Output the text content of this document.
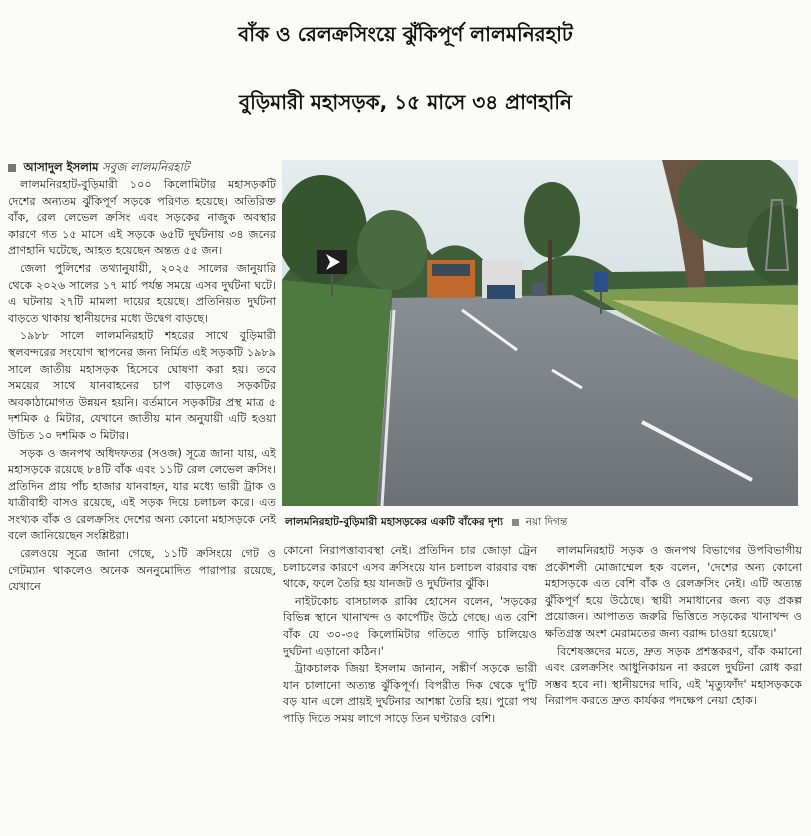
বাঁক ও রেলক্রসিংয়ে ঝুঁকিপূর্ণ লালমনিরহাট
বুড়িমারী মহাসড়ক, ১৫ মাসে ৩৪ প্রাণহানি
আসাদুল ইসলাম সবুজ লালমনিরহাট

লালমনিরহাট-বুড়িমারী ১০০ কিলোমিটার মহাসড়কটি দেশের অন্যতম ঝুঁকিপূর্ণ সড়কে পরিণত হয়েছে। অতিরিক্ত বাঁক, রেল লেভেল ক্রসিং এবং সড়কের নাজুক অবস্থার কারণে গত ১৫ মাসে এই সড়কে ৬৫টি দুর্ঘটনায় ৩৪ জনের প্রাণহানি ঘটেছে, আহত হয়েছেন অন্তত ৫৫ জন।

জেলা পুলিশের তথ্যানুযায়ী, ২০২৫ সালের জানুয়ারি থেকে ২০২৬ সালের ১৭ মার্চ পর্যন্ত সময়ে এসব দুর্ঘটনা ঘটে। এ ঘটনায় ২৭টি মামলা দায়ের হয়েছে। প্রতিনিয়ত দুর্ঘটনা বাড়তে থাকায় স্থানীয়দের মধ্যে উদ্বেগ বাড়ছে।

১৯৮৮ সালে লালমনিরহাট শহরের সাথে বুড়িমারী স্থলবন্দরের সংযোগ স্থাপনের জন্য নির্মিত এই সড়কটি ১৯৮৯ সালে জাতীয় মহাসড়ক হিসেবে ঘোষণা করা হয়। তবে সময়ের সাথে যানবাহনের চাপ বাড়লেও সড়কটির অবকাঠামোগত উন্নয়ন হয়নি। বর্তমানে সড়কটির প্রস্থ মাত্র ৫ দশমিক ৫ মিটার, যেখানে জাতীয় মান অনুযায়ী এটি হওয়া উচিত ১০ দশমিক ৩ মিটার।

সড়ক ও জনপথ অধিদফতর (সওজ) সূত্রে জানা যায়, এই মহাসড়কে রয়েছে ৮৪টি বাঁক এবং ১১টি রেল লেভেল ক্রসিং। প্রতিদিন প্রায় পাঁচ হাজার যানবাহন, যার মধ্যে ভারী ট্রাক ও যাত্রীবাহী বাসও রয়েছে, এই সড়ক দিয়ে চলাচল করে। এত সংখ্যক বাঁক ও রেলক্রসিং দেশের অন্য কোনো মহাসড়কে নেই বলে জানিয়েছেন সংশ্লিষ্টরা।

রেলওয়ে সূত্রে জানা গেছে, ১১টি ক্রসিংয়ে গেট ও গেটম্যান থাকলেও অনেক অননুমোদিত পারাপার রয়েছে, যেখানে

লালমনিরহাট-বুড়িমারী মহাসড়কের একটি বাঁকের দৃশ্য নয়া দিগন্ত

কোনো নিরাপত্তাব্যবস্থা নেই। প্রতিদিন চার জোড়া ট্রেন চলাচলের কারণে এসব ক্রসিংয়ে যান চলাচল বারবার বন্ধ থাকে, ফলে তৈরি হয় যানজট ও দুর্ঘটনার ঝুঁকি।

নাইটকোচ বাসচালক রাব্বি হোসেন বলেন, 'সড়কের বিভিন্ন স্থানে খানাখন্দ ও কার্পেটিং উঠে গেছে। এত বেশি বাঁক যে ৩০-৩৫ কিলোমিটার গতিতে গাড়ি চালিয়েও দুর্ঘটনা এড়ানো কঠিন।'

ট্রাকচালক জিয়া ইসলাম জানান, সঙ্কীর্ণ সড়কে ভারী যান চালানো অত্যন্ত ঝুঁকিপূর্ণ। বিপরীত দিক থেকে দু'টি বড় যান এলে প্রায়ই দুর্ঘটনার আশঙ্কা তৈরি হয়। পুরো পথ পাড়ি দিতে সময় লাগে সাড়ে তিন ঘণ্টারও বেশি।

লালমনিরহাট সড়ক ও জনপথ বিভাগের উপবিভাগীয় প্রকৌশলী মোজাম্মেল হক বলেন, 'দেশের অন্য কোনো মহাসড়কে এত বেশি বাঁক ও রেলক্রসিং নেই। এটি অত্যন্ত ঝুঁকিপূর্ণ হয়ে উঠেছে। স্থায়ী সমাধানের জন্য বড় প্রকল্প প্রয়োজন। আপাতত জরুরি ভিত্তিতে সড়কের খানাখন্দ ও ক্ষতিগ্রস্ত অংশ মেরামতের জন্য বরাদ্দ চাওয়া হয়েছে।'

বিশেষজ্ঞদের মতে, দ্রুত সড়ক প্রশস্তকরণ, বাঁক কমানো এবং রেলক্রসিং আধুনিকায়ন না করলে দুর্ঘটনা রোধ করা সম্ভব হবে না। স্থানীয়দের দাবি, এই 'মৃত্যুফাঁদ' মহাসড়ককে নিরাপদ করতে দ্রুত কার্যকর পদক্ষেপ নেয়া হোক।
